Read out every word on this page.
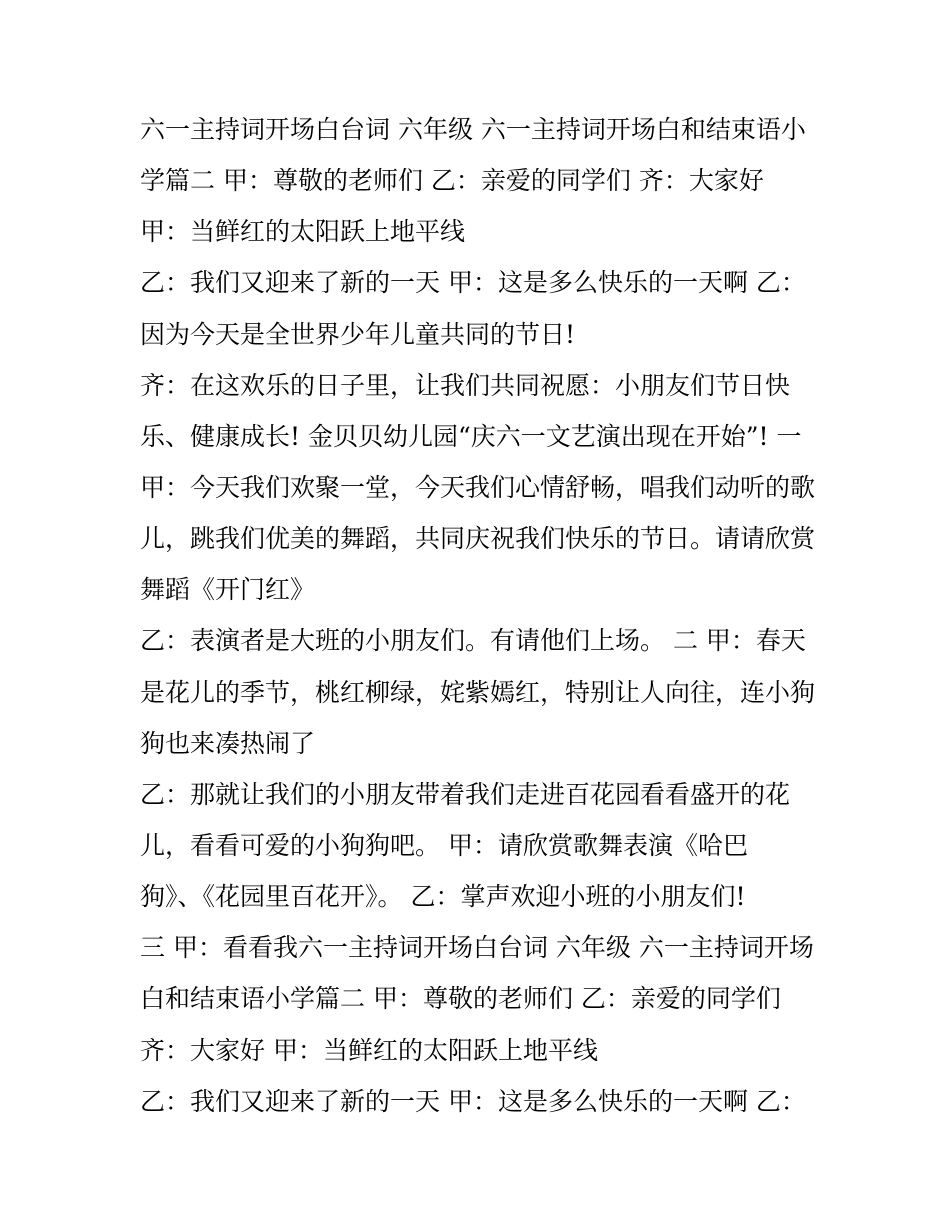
六一主持词开场白台词 六年级 六一主持词开场白和结束语小
学篇二 甲：尊敬的老师们 乙：亲爱的同学们 齐：大家好
甲：当鲜红的太阳跃上地平线
乙：我们又迎来了新的一天 甲：这是多么快乐的一天啊 乙：
因为今天是全世界少年儿童共同的节日!
齐：在这欢乐的日子里，让我们共同祝愿：小朋友们节日快
乐、健康成长! 金贝贝幼儿园“庆六一文艺演出现在开始”! 一
甲：今天我们欢聚一堂，今天我们心情舒畅，唱我们动听的歌
儿，跳我们优美的舞蹈，共同庆祝我们快乐的节日。请请欣赏
舞蹈《开门红》
乙：表演者是大班的小朋友们。有请他们上场。 二 甲：春天
是花儿的季节，桃红柳绿，姹紫嫣红，特别让人向往，连小狗
狗也来凑热闹了
乙：那就让我们的小朋友带着我们走进百花园看看盛开的花
儿，看看可爱的小狗狗吧。 甲：请欣赏歌舞表演《哈巴
狗》、《花园里百花开》。 乙：掌声欢迎小班的小朋友们!
三 甲：看看我六一主持词开场白台词 六年级 六一主持词开场
白和结束语小学篇二 甲：尊敬的老师们 乙：亲爱的同学们
齐：大家好 甲：当鲜红的太阳跃上地平线
乙：我们又迎来了新的一天 甲：这是多么快乐的一天啊 乙：
